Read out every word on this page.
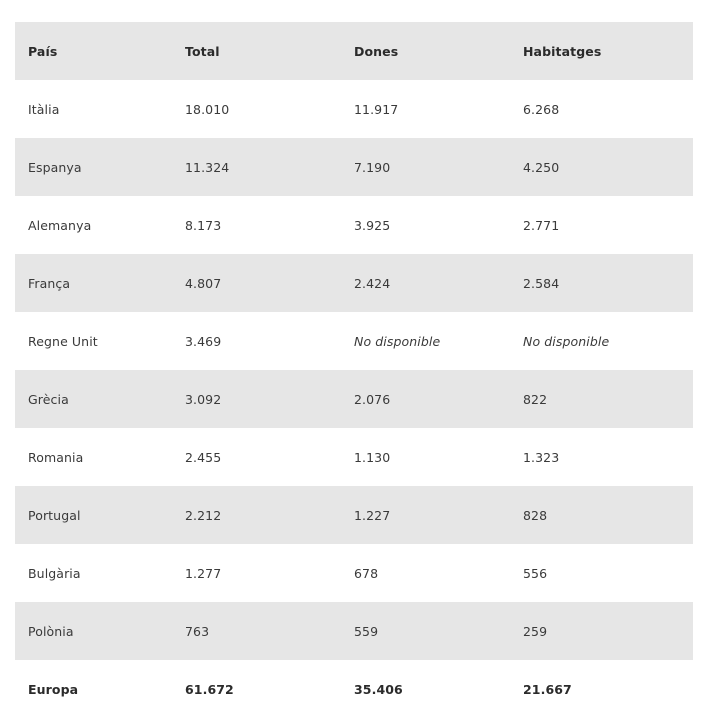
País	Total	Dones	Habitatges
Itàlia	18.010	11.917	6.268
Espanya	11.324	7.190	4.250
Alemanya	8.173	3.925	2.771
França	4.807	2.424	2.584
Regne Unit	3.469	No disponible	No disponible
Grècia	3.092	2.076	822
Romania	2.455	1.130	1.323
Portugal	2.212	1.227	828
Bulgària	1.277	678	556
Polònia	763	559	259
Europa	61.672	35.406	21.667
